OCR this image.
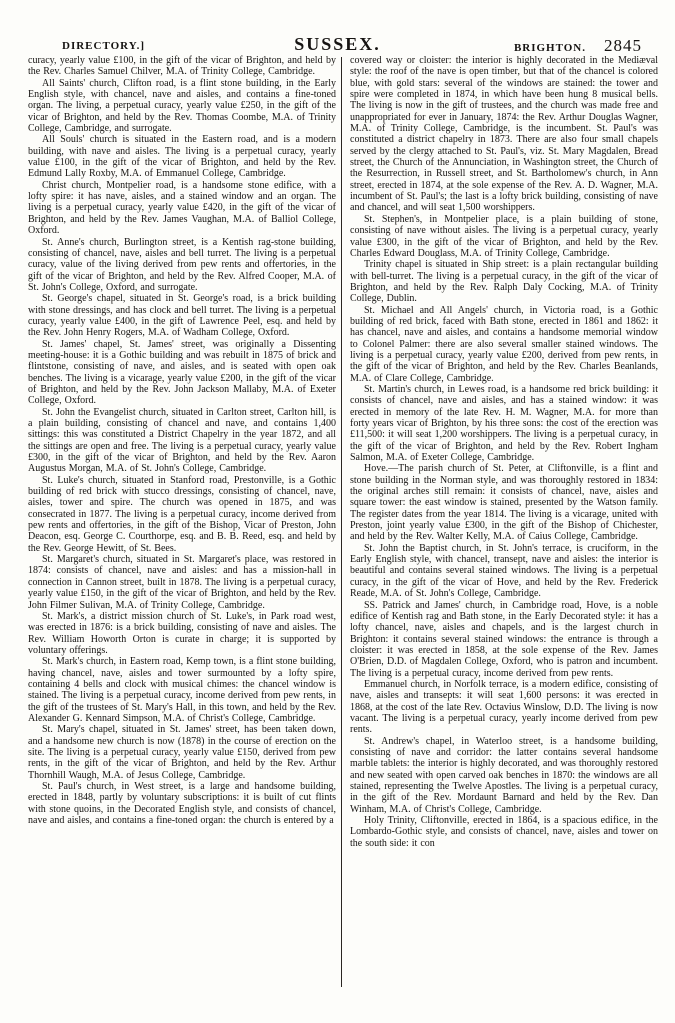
DIRECTORY.]	SUSSEX.	BRIGHTON. 2845

curacy, yearly value £100, in the gift of the vicar of Brighton, and held by the Rev. Charles Samuel Chilver, M.A. of Trinity College, Cambridge.

All Saints' church, Clifton road, is a flint stone building, in the Early English style, with chancel, nave and aisles, and contains a fine-toned organ. The living, a perpetual curacy, yearly value £250, in the gift of the vicar of Brighton, and held by the Rev. Thomas Coombe, M.A. of Trinity College, Cambridge, and surrogate.

All Souls' church is situated in the Eastern road, and is a modern building, with nave and aisles. The living is a perpetual curacy, yearly value £100, in the gift of the vicar of Brighton, and held by the Rev. Edmund Lally Roxby, M.A. of Emmanuel College, Cambridge.

Christ church, Montpelier road, is a handsome stone edifice, with a lofty spire: it has nave, aisles, and a stained window and an organ. The living is a perpetual curacy, yearly value £420, in the gift of the vicar of Brighton, and held by the Rev. James Vaughan, M.A. of Balliol College, Oxford.

St. Anne's church, Burlington street, is a Kentish rag-stone building, consisting of chancel, nave, aisles and bell turret. The living is a perpetual curacy, value of the living derived from pew rents and offertories, in the gift of the vicar of Brighton, and held by the Rev. Alfred Cooper, M.A. of St. John's College, Oxford, and surrogate.

St. George's chapel, situated in St. George's road, is a brick building with stone dressings, and has clock and bell turret. The living is a perpetual curacy, yearly value £400, in the gift of Lawrence Peel, esq. and held by the Rev. John Henry Rogers, M.A. of Wadham College, Oxford.

St. James' chapel, St. James' street, was originally a Dissenting meeting-house: it is a Gothic building and was rebuilt in 1875 of brick and flintstone, consisting of nave, and aisles, and is seated with open oak benches. The living is a vicarage, yearly value £200, in the gift of the vicar of Brighton, and held by the Rev. John Jackson Mallaby, M.A. of Exeter College, Oxford.

St. John the Evangelist church, situated in Carlton street, Carlton hill, is a plain building, consisting of chancel and nave, and contains 1,400 sittings: this was constituted a District Chapelry in the year 1872, and all the sittings are open and free. The living is a perpetual curacy, yearly value £300, in the gift of the vicar of Brighton, and held by the Rev. Aaron Augustus Morgan, M.A. of St. John's College, Cambridge.

St. Luke's church, situated in Stanford road, Prestonville, is a Gothic building of red brick with stucco dressings, consisting of chancel, nave, aisles, tower and spire. The church was opened in 1875, and was consecrated in 1877. The living is a perpetual curacy, income derived from pew rents and offertories, in the gift of the Bishop, Vicar of Preston, John Deacon, esq. George C. Courthorpe, esq. and B. B. Reed, esq. and held by the Rev. George Hewitt, of St. Bees.

St. Margaret's church, situated in St. Margaret's place, was restored in 1874: consists of chancel, nave and aisles: and has a mission-hall in connection in Cannon street, built in 1878. The living is a perpetual curacy, yearly value £150, in the gift of the vicar of Brighton, and held by the Rev. John Filmer Sulivan, M.A. of Trinity College, Cambridge.

St. Mark's, a district mission church of St. Luke's, in Park road west, was erected in 1876: is a brick building, consisting of nave and aisles. The Rev. William Howorth Orton is curate in charge; it is supported by voluntary offerings.

St. Mark's church, in Eastern road, Kemp town, is a flint stone building, having chancel, nave, aisles and tower surmounted by a lofty spire, containing 4 bells and clock with musical chimes: the chancel window is stained. The living is a perpetual curacy, income derived from pew rents, in the gift of the trustees of St. Mary's Hall, in this town, and held by the Rev. Alexander G. Kennard Simpson, M.A. of Christ's College, Cambridge.

St. Mary's chapel, situated in St. James' street, has been taken down, and a handsome new church is now (1878) in the course of erection on the site. The living is a perpetual curacy, yearly value £150, derived from pew rents, in the gift of the vicar of Brighton, and held by the Rev. Arthur Thornhill Waugh, M.A. of Jesus College, Cambridge.

St. Paul's church, in West street, is a large and handsome building, erected in 1848, partly by voluntary subscriptions: it is built of cut flints with stone quoins, in the Decorated English style, and consists of chancel, nave and aisles, and contains a fine-toned organ: the church is entered by a

covered way or cloister: the interior is highly decorated in the Mediæval style: the roof of the nave is open timber, but that of the chancel is colored blue, with gold stars: several of the windows are stained: the tower and spire were completed in 1874, in which have been hung 8 musical bells. The living is now in the gift of trustees, and the church was made free and unappropriated for ever in January, 1874: the Rev. Arthur Douglas Wagner, M.A. of Trinity College, Cambridge, is the incumbent. St. Paul's was constituted a district chapelry in 1873. There are also four small chapels served by the clergy attached to St. Paul's, viz. St. Mary Magdalen, Bread street, the Church of the Annunciation, in Washington street, the Church of the Resurrection, in Russell street, and St. Bartholomew's church, in Ann street, erected in 1874, at the sole expense of the Rev. A. D. Wagner, M.A. incumbent of St. Paul's; the last is a lofty brick building, consisting of nave and chancel, and will seat 1,500 worshippers.

St. Stephen's, in Montpelier place, is a plain building of stone, consisting of nave without aisles. The living is a perpetual curacy, yearly value £300, in the gift of the vicar of Brighton, and held by the Rev. Charles Edward Douglass, M.A. of Trinity College, Cambridge.

Trinity chapel is situated in Ship street: is a plain rectangular building with bell-turret. The living is a perpetual curacy, in the gift of the vicar of Brighton, and held by the Rev. Ralph Daly Cocking, M.A. of Trinity College, Dublin.

St. Michael and All Angels' church, in Victoria road, is a Gothic building of red brick, faced with Bath stone, erected in 1861 and 1862: it has chancel, nave and aisles, and contains a handsome memorial window to Colonel Palmer: there are also several smaller stained windows. The living is a perpetual curacy, yearly value £200, derived from pew rents, in the gift of the vicar of Brighton, and held by the Rev. Charles Beanlands, M.A. of Clare College, Cambridge.

St. Martin's church, in Lewes road, is a handsome red brick building: it consists of chancel, nave and aisles, and has a stained window: it was erected in memory of the late Rev. H. M. Wagner, M.A. for more than forty years vicar of Brighton, by his three sons: the cost of the erection was £11,500: it will seat 1,200 worshippers. The living is a perpetual curacy, in the gift of the vicar of Brighton, and held by the Rev. Robert Ingham Salmon, M.A. of Exeter College, Cambridge.

Hove.—The parish church of St. Peter, at Cliftonville, is a flint and stone building in the Norman style, and was thoroughly restored in 1834: the original arches still remain: it consists of chancel, nave, aisles and square tower: the east window is stained, presented by the Watson family. The register dates from the year 1814. The living is a vicarage, united with Preston, joint yearly value £300, in the gift of the Bishop of Chichester, and held by the Rev. Walter Kelly, M.A. of Caius College, Cambridge.

St. John the Baptist church, in St. John's terrace, is cruciform, in the Early English style, with chancel, transept, nave and aisles: the interior is beautiful and contains several stained windows. The living is a perpetual curacy, in the gift of the vicar of Hove, and held by the Rev. Frederick Reade, M.A. of St. John's College, Cambridge.

SS. Patrick and James' church, in Cambridge road, Hove, is a noble edifice of Kentish rag and Bath stone, in the Early Decorated style: it has a lofty chancel, nave, aisles and chapels, and is the largest church in Brighton: it contains several stained windows: the entrance is through a cloister: it was erected in 1858, at the sole expense of the Rev. James O'Brien, D.D. of Magdalen College, Oxford, who is patron and incumbent. The living is a perpetual curacy, income derived from pew rents.

Emmanuel church, in Norfolk terrace, is a modern edifice, consisting of nave, aisles and transepts: it will seat 1,600 persons: it was erected in 1868, at the cost of the late Rev. Octavius Winslow, D.D. The living is now vacant. The living is a perpetual curacy, yearly income derived from pew rents.

St. Andrew's chapel, in Waterloo street, is a handsome building, consisting of nave and corridor: the latter contains several handsome marble tablets: the interior is highly decorated, and was thoroughly restored and new seated with open carved oak benches in 1870: the windows are all stained, representing the Twelve Apostles. The living is a perpetual curacy, in the gift of the Rev. Mordaunt Barnard and held by the Rev. Dan Winham, M.A. of Christ's College, Cambridge.

Holy Trinity, Cliftonville, erected in 1864, is a spacious edifice, in the Lombardo-Gothic style, and consists of chancel, nave, aisles and tower on the south side: it con
